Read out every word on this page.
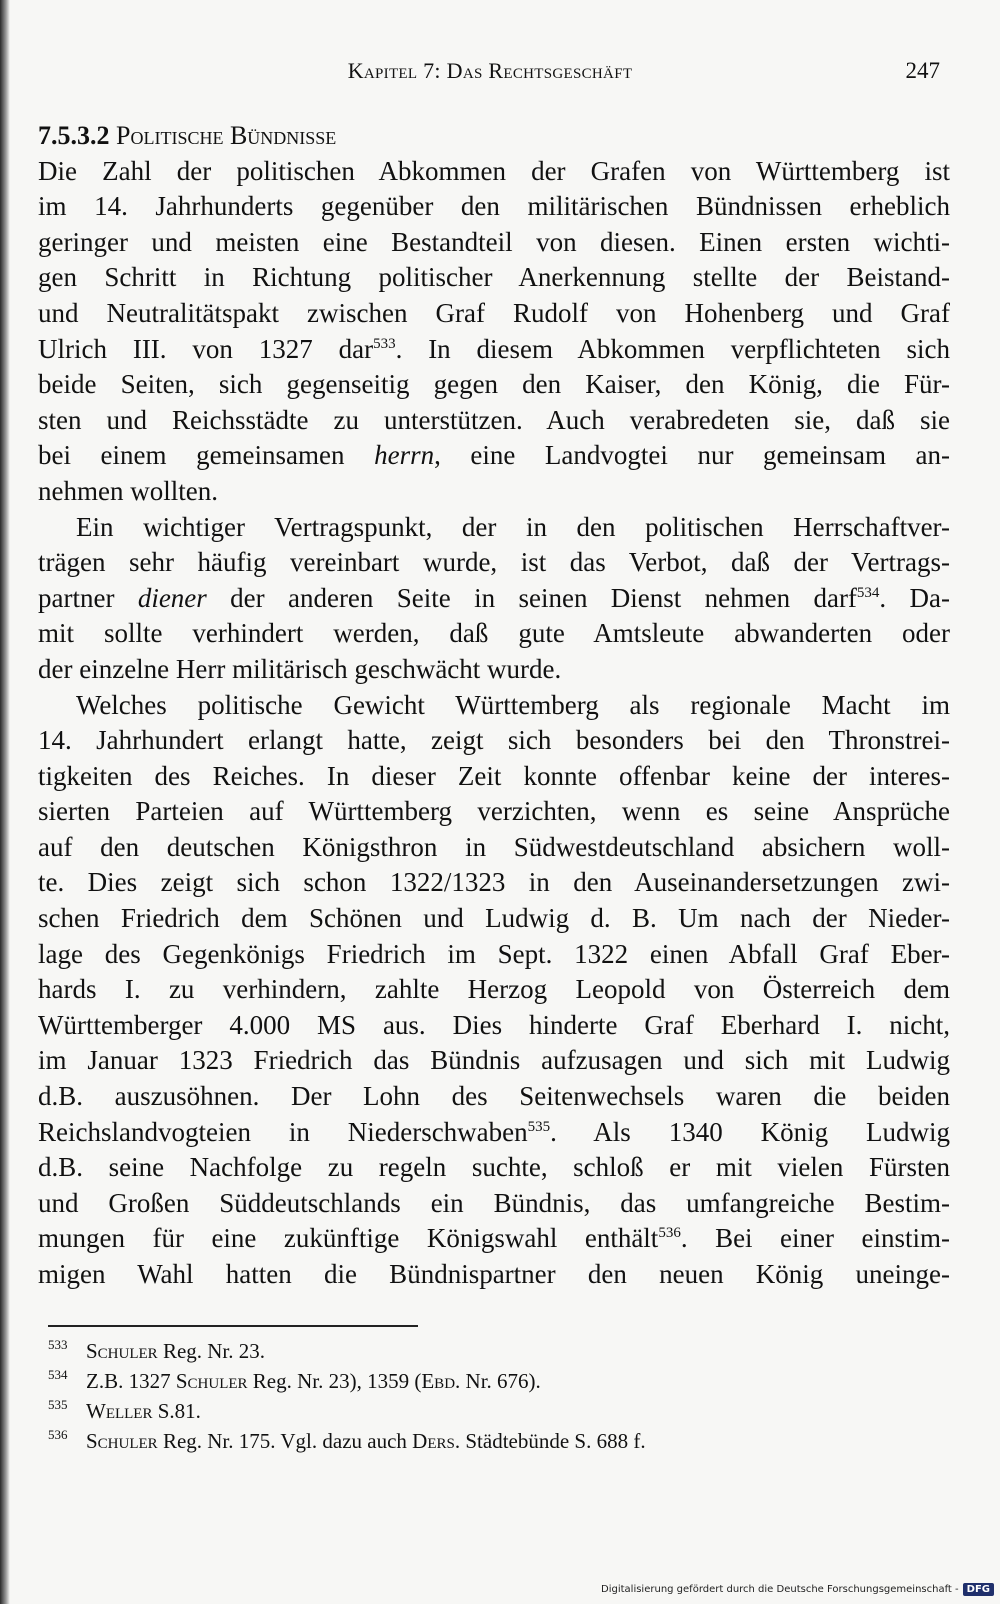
Kapitel 7: Das Rechtsgeschäft	247
7.5.3.2 Politische Bündnisse
Die Zahl der politischen Abkommen der Grafen von Württemberg ist
im 14. Jahrhunderts gegenüber den militärischen Bündnissen erheblich
geringer und meisten eine Bestandteil von diesen. Einen ersten wichti-
gen Schritt in Richtung politischer Anerkennung stellte der Beistand-
und Neutralitätspakt zwischen Graf Rudolf von Hohenberg und Graf
Ulrich III. von 1327 dar$^{533}$. In diesem Abkommen verpflichteten sich
beide Seiten, sich gegenseitig gegen den Kaiser, den König, die Für-
sten und Reichsstädte zu unterstützen. Auch verabredeten sie, daß sie
bei einem gemeinsamen herrn, eine Landvogtei nur gemeinsam an-
nehmen wollten.
Ein wichtiger Vertragspunkt, der in den politischen Herrschaftver-
trägen sehr häufig vereinbart wurde, ist das Verbot, daß der Vertrags-
partner diener der anderen Seite in seinen Dienst nehmen darf$^{534}$. Da-
mit sollte verhindert werden, daß gute Amtsleute abwanderten oder
der einzelne Herr militärisch geschwächt wurde.
Welches politische Gewicht Württemberg als regionale Macht im
14. Jahrhundert erlangt hatte, zeigt sich besonders bei den Thronstrei-
tigkeiten des Reiches. In dieser Zeit konnte offenbar keine der interes-
sierten Parteien auf Württemberg verzichten, wenn es seine Ansprüche
auf den deutschen Königsthron in Südwestdeutschland absichern woll-
te. Dies zeigt sich schon 1322/1323 in den Auseinandersetzungen zwi-
schen Friedrich dem Schönen und Ludwig d. B. Um nach der Nieder-
lage des Gegenkönigs Friedrich im Sept. 1322 einen Abfall Graf Eber-
hards I. zu verhindern, zahlte Herzog Leopold von Österreich dem
Württemberger 4.000 MS aus. Dies hinderte Graf Eberhard I. nicht,
im Januar 1323 Friedrich das Bündnis aufzusagen und sich mit Ludwig
d.B. auszusöhnen. Der Lohn des Seitenwechsels waren die beiden
Reichslandvogteien in Niederschwaben$^{535}$. Als 1340 König Ludwig
d.B. seine Nachfolge zu regeln suchte, schloß er mit vielen Fürsten
und Großen Süddeutschlands ein Bündnis, das umfangreiche Bestim-
mungen für eine zukünftige Königswahl enthält$^{536}$. Bei einer einstim-
migen Wahl hatten die Bündnispartner den neuen König uneinge-
533 Schuler Reg. Nr. 23.
534 Z.B. 1327 Schuler Reg. Nr. 23), 1359 (Ebd. Nr. 676).
535 Weller S.81.
536 Schuler Reg. Nr. 175. Vgl. dazu auch Ders. Städtebünde S. 688 f.
Digitalisierung gefördert durch die Deutsche Forschungsgemeinschaft - DFG
